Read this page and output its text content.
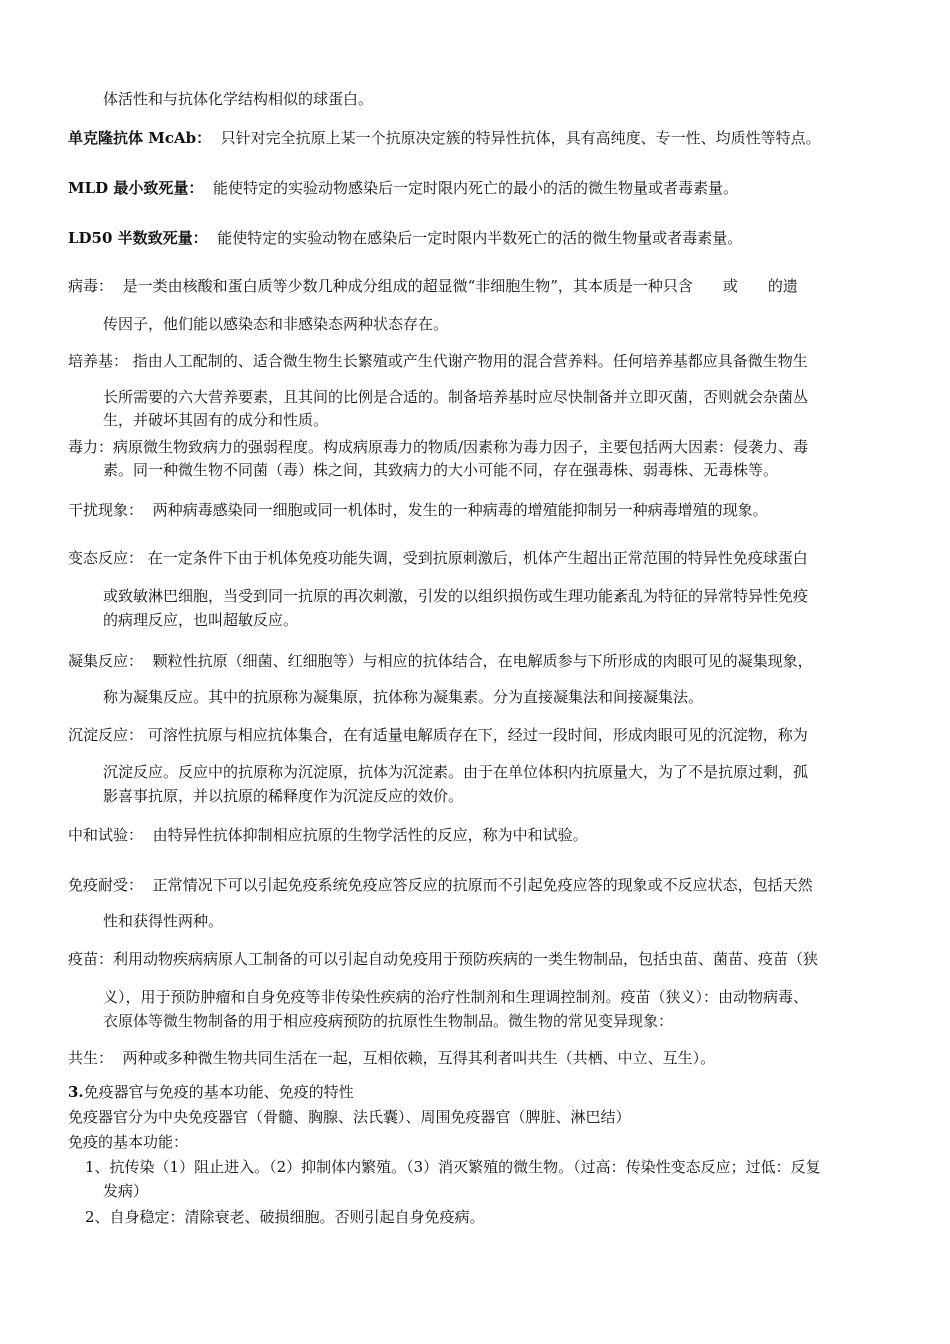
体活性和与抗体化学结构相似的球蛋白。
单克隆抗体 McAb： 只针对完全抗原上某一个抗原决定簇的特异性抗体，具有高纯度、专一性、均质性等特点。
MLD 最小致死量： 能使特定的实验动物感染后一定时限内死亡的最小的活的微生物量或者毒素量。
LD50 半数致死量： 能使特定的实验动物在感染后一定时限内半数死亡的活的微生物量或者毒素量。
病毒： 是一类由核酸和蛋白质等少数几种成分组成的超显微“非细胞生物”，其本质是一种只含　　或　　的遗
传因子，他们能以感染态和非感染态两种状态存在。
培养基： 指由人工配制的、适合微生物生长繁殖或产生代谢产物用的混合营养料。任何培养基都应具备微生物生
长所需要的六大营养要素，且其间的比例是合适的。制备培养基时应尽快制备并立即灭菌，否则就会杂菌丛
生，并破坏其固有的成分和性质。
毒力：病原微生物致病力的强弱程度。构成病原毒力的物质/因素称为毒力因子，主要包括两大因素：侵袭力、毒
素。同一种微生物不同菌（毒）株之间，其致病力的大小可能不同，存在强毒株、弱毒株、无毒株等。
干扰现象： 两种病毒感染同一细胞或同一机体时，发生的一种病毒的增殖能抑制另一种病毒增殖的现象。
变态反应： 在一定条件下由于机体免疫功能失调，受到抗原刺激后，机体产生超出正常范围的特异性免疫球蛋白
或致敏淋巴细胞，当受到同一抗原的再次刺激，引发的以组织损伤或生理功能紊乱为特征的异常特异性免疫
的病理反应，也叫超敏反应。
凝集反应： 颗粒性抗原（细菌、红细胞等）与相应的抗体结合，在电解质参与下所形成的肉眼可见的凝集现象，
称为凝集反应。其中的抗原称为凝集原，抗体称为凝集素。分为直接凝集法和间接凝集法。
沉淀反应： 可溶性抗原与相应抗体集合，在有适量电解质存在下，经过一段时间，形成肉眼可见的沉淀物，称为
沉淀反应。反应中的抗原称为沉淀原，抗体为沉淀素。由于在单位体积内抗原量大，为了不是抗原过剩，孤
影喜事抗原，并以抗原的稀释度作为沉淀反应的效价。
中和试验： 由特异性抗体抑制相应抗原的生物学活性的反应，称为中和试验。
免疫耐受： 正常情况下可以引起免疫系统免疫应答反应的抗原而不引起免疫应答的现象或不反应状态，包括天然
性和获得性两种。
疫苗：利用动物疾病病原人工制备的可以引起自动免疫用于预防疾病的一类生物制品，包括虫苗、菌苗、疫苗（狭
义），用于预防肿瘤和自身免疫等非传染性疾病的治疗性制剂和生理调控制剂。疫苗（狭义）：由动物病毒、
衣原体等微生物制备的用于相应疫病预防的抗原性生物制品。微生物的常见变异现象：
共生： 两种或多种微生物共同生活在一起，互相依赖，互得其利者叫共生（共栖、中立、互生）。
3.免疫器官与免疫的基本功能、免疫的特性
免疫器官分为中央免疫器官（骨髓、胸腺、法氏囊）、周围免疫器官（脾脏、淋巴结）
免疫的基本功能：
1、抗传染（1）阻止进入。（2）抑制体内繁殖。（3）消灭繁殖的微生物。（过高：传染性变态反应；过低：反复
发病）
2、自身稳定：清除衰老、破损细胞。否则引起自身免疫病。
